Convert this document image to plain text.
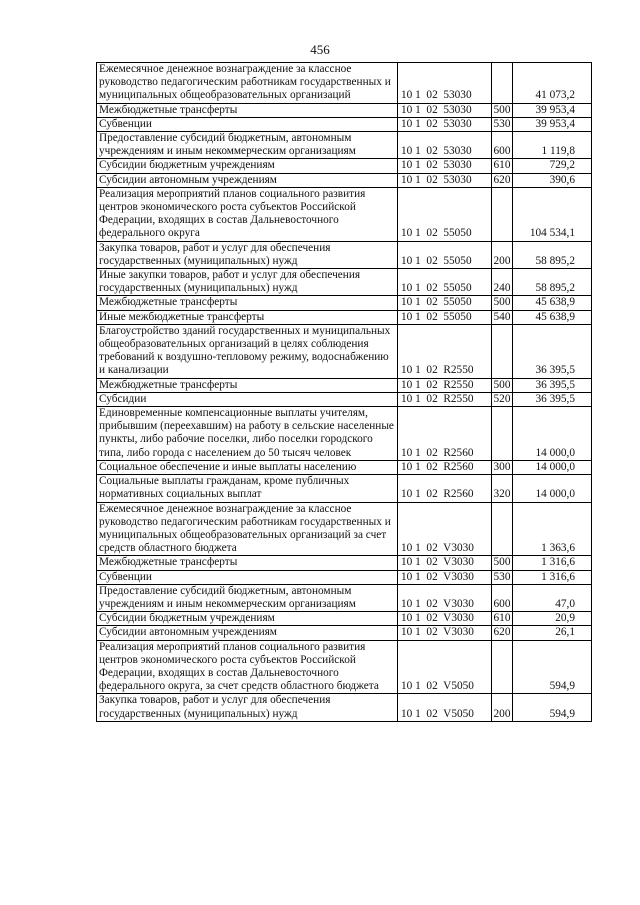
456
Ежемесячное денежное вознаграждение за классное руководство педагогическим работникам государственных и муниципальных общеобразовательных организаций	10 1  02  53030		41 073,2
Межбюджетные трансферты	10 1  02  53030	500	39 953,4
Субвенции	10 1  02  53030	530	39 953,4
Предоставление субсидий бюджетным, автономным учреждениям и иным некоммерческим организациям	10 1  02  53030	600	1 119,8
Субсидии бюджетным учреждениям	10 1  02  53030	610	729,2
Субсидии автономным учреждениям	10 1  02  53030	620	390,6
Реализация мероприятий планов социального развития центров экономического роста субъектов Российской Федерации, входящих в состав Дальневосточного федерального округа	10 1  02  55050		104 534,1
Закупка товаров, работ и услуг для обеспечения государственных (муниципальных) нужд	10 1  02  55050	200	58 895,2
Иные закупки товаров, работ и услуг для обеспечения государственных (муниципальных) нужд	10 1  02  55050	240	58 895,2
Межбюджетные трансферты	10 1  02  55050	500	45 638,9
Иные межбюджетные трансферты	10 1  02  55050	540	45 638,9
Благоустройство зданий государственных и муниципальных общеобразовательных организаций в целях соблюдения требований к воздушно-тепловому режиму, водоснабжению и канализации	10 1  02  R2550		36 395,5
Межбюджетные трансферты	10 1  02  R2550	500	36 395,5
Субсидии	10 1  02  R2550	520	36 395,5
Единовременные компенсационные выплаты учителям, прибывшим (переехавшим) на работу в сельские населенные пункты, либо рабочие поселки, либо поселки городского типа, либо города с населением до 50 тысяч человек	10 1  02  R2560		14 000,0
Социальное обеспечение и иные выплаты населению	10 1  02  R2560	300	14 000,0
Социальные выплаты гражданам, кроме публичных нормативных социальных выплат	10 1  02  R2560	320	14 000,0
Ежемесячное денежное вознаграждение за классное руководство педагогическим работникам государственных и муниципальных общеобразовательных организаций за счет средств областного бюджета	10 1  02  V3030		1 363,6
Межбюджетные трансферты	10 1  02  V3030	500	1 316,6
Субвенции	10 1  02  V3030	530	1 316,6
Предоставление субсидий бюджетным, автономным учреждениям и иным некоммерческим организациям	10 1  02  V3030	600	47,0
Субсидии бюджетным учреждениям	10 1  02  V3030	610	20,9
Субсидии автономным учреждениям	10 1  02  V3030	620	26,1
Реализация мероприятий планов социального развития центров экономического роста субъектов Российской Федерации, входящих в состав Дальневосточного федерального округа, за счет средств областного бюджета	10 1  02  V5050		594,9
Закупка товаров, работ и услуг для обеспечения государственных (муниципальных) нужд	10 1  02  V5050	200	594,9
